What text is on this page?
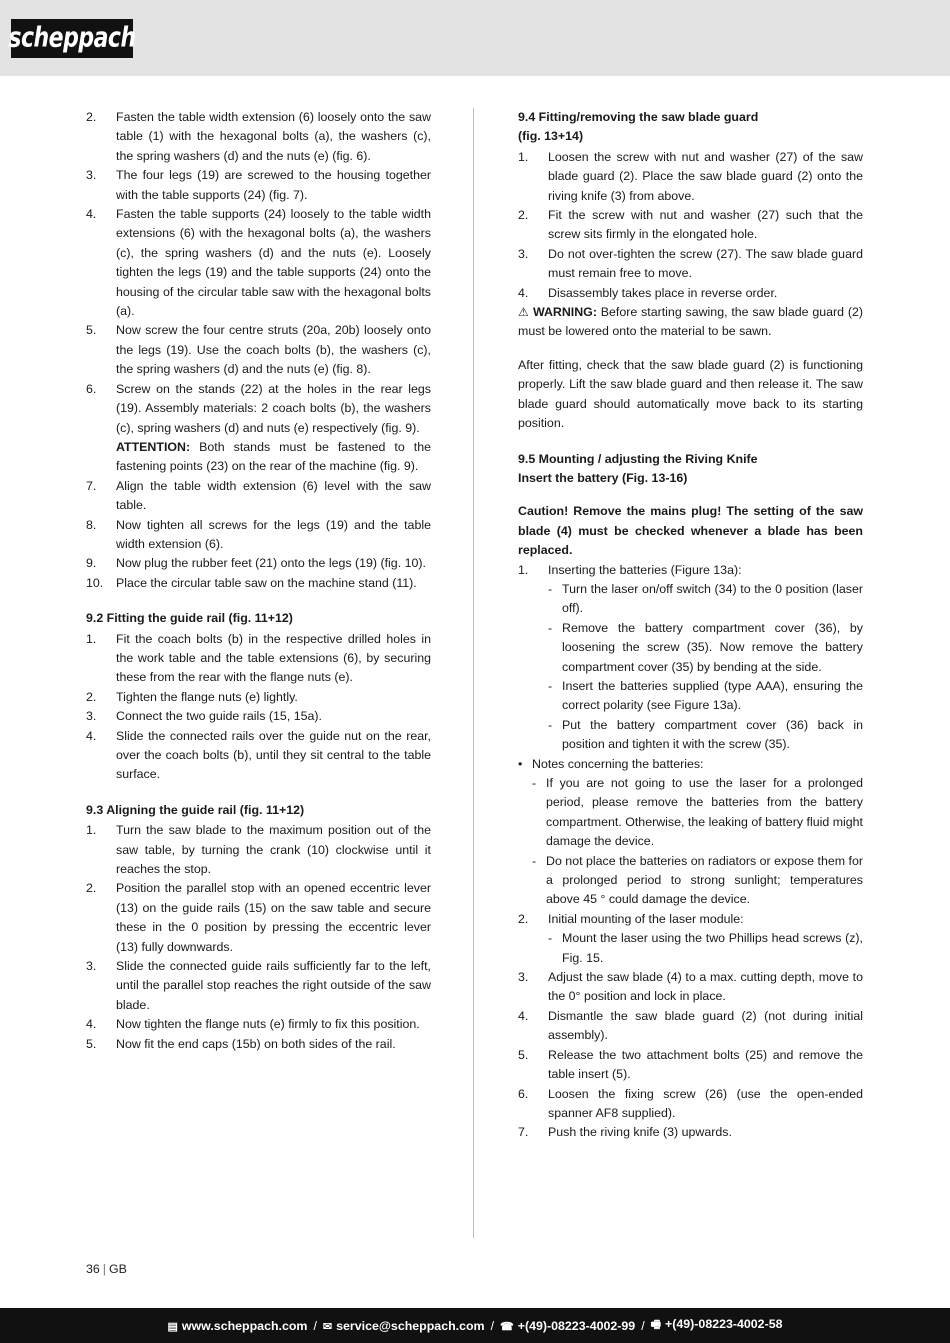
scheppach
2.	Fasten the table width extension (6) loosely onto the saw table (1) with the hexagonal bolts (a), the washers (c), the spring washers (d) and the nuts (e) (fig. 6).
3.	The four legs (19) are screwed to the housing together with the table supports (24) (fig. 7).
4.	Fasten the table supports (24) loosely to the table width extensions (6) with the hexagonal bolts (a), the washers (c), the spring washers (d) and the nuts (e). Loosely tighten the legs (19) and the table supports (24) onto the housing of the circular table saw with the hexagonal bolts (a).
5.	Now screw the four centre struts (20a, 20b) loosely onto the legs (19). Use the coach bolts (b), the washers (c), the spring washers (d) and the nuts (e) (fig. 8).
6.	Screw on the stands (22) at the holes in the rear legs (19). Assembly materials: 2 coach bolts (b), the washers (c), spring washers (d) and nuts (e) respectively (fig. 9).
ATTENTION: Both stands must be fastened to the fastening points (23) on the rear of the machine (fig. 9).
7.	Align the table width extension (6) level with the saw table.
8.	Now tighten all screws for the legs (19) and the table width extension (6).
9.	Now plug the rubber feet (21) onto the legs (19) (fig. 10).
10.	Place the circular table saw on the machine stand (11).
9.2 Fitting the guide rail (fig. 11+12)
1.	Fit the coach bolts (b) in the respective drilled holes in the work table and the table extensions (6), by securing these from the rear with the flange nuts (e).
2.	Tighten the flange nuts (e) lightly.
3.	Connect the two guide rails (15, 15a).
4.	Slide the connected rails over the guide nut on the rear, over the coach bolts (b), until they sit central to the table surface.
9.3 Aligning the guide rail (fig. 11+12)
1.	Turn the saw blade to the maximum position out of the saw table, by turning the crank (10) clockwise until it reaches the stop.
2.	Position the parallel stop with an opened eccentric lever (13) on the guide rails (15) on the saw table and secure these in the 0 position by pressing the eccentric lever (13) fully downwards.
3.	Slide the connected guide rails sufficiently far to the left, until the parallel stop reaches the right outside of the saw blade.
4.	Now tighten the flange nuts (e) firmly to fix this position.
5.	Now fit the end caps (15b) on both sides of the rail.
9.4 Fitting/removing the saw blade guard
(fig. 13+14)
1.	Loosen the screw with nut and washer (27) of the saw blade guard (2). Place the saw blade guard (2) onto the riving knife (3) from above.
2.	Fit the screw with nut and washer (27) such that the screw sits firmly in the elongated hole.
3.	Do not over-tighten the screw (27). The saw blade guard must remain free to move.
4.	Disassembly takes place in reverse order.
⚠ WARNING: Before starting sawing, the saw blade guard (2) must be lowered onto the material to be sawn.

After fitting, check that the saw blade guard (2) is functioning properly. Lift the saw blade guard and then release it. The saw blade guard should automatically move back to its starting position.

9.5 Mounting / adjusting the Riving Knife
Insert the battery (Fig. 13-16)

Caution! Remove the mains plug! The setting of the saw blade (4) must be checked whenever a blade has been replaced.

1.	Inserting the batteries (Figure 13a):
- Turn the laser on/off switch (34) to the 0 position (laser off).
- Remove the battery compartment cover (36), by loosening the screw (35). Now remove the battery compartment cover (35) by bending at the side.
- Insert the batteries supplied (type AAA), ensuring the correct polarity (see Figure 13a).
- Put the battery compartment cover (36) back in position and tighten it with the screw (35).
• Notes concerning the batteries:
- If you are not going to use the laser for a prolonged period, please remove the batteries from the battery compartment. Otherwise, the leaking of battery fluid might damage the device.
- Do not place the batteries on radiators or expose them for a prolonged period to strong sunlight; temperatures above 45 ° could damage the device.
2.	Initial mounting of the laser module:
- Mount the laser using the two Phillips head screws (z), Fig. 15.
3.	Adjust the saw blade (4) to a max. cutting depth, move to the 0° position and lock in place.
4.	Dismantle the saw blade guard (2) (not during initial assembly).
5.	Release the two attachment bolts (25) and remove the table insert (5).
6.	Loosen the fixing screw (26) (use the open-ended spanner AF8 supplied).
7.	Push the riving knife (3) upwards.
36 | GB
▤ www.scheppach.com / ✉ service@scheppach.com / ☎ +(49)-08223-4002-99 / 🖷 +(49)-08223-4002-58
